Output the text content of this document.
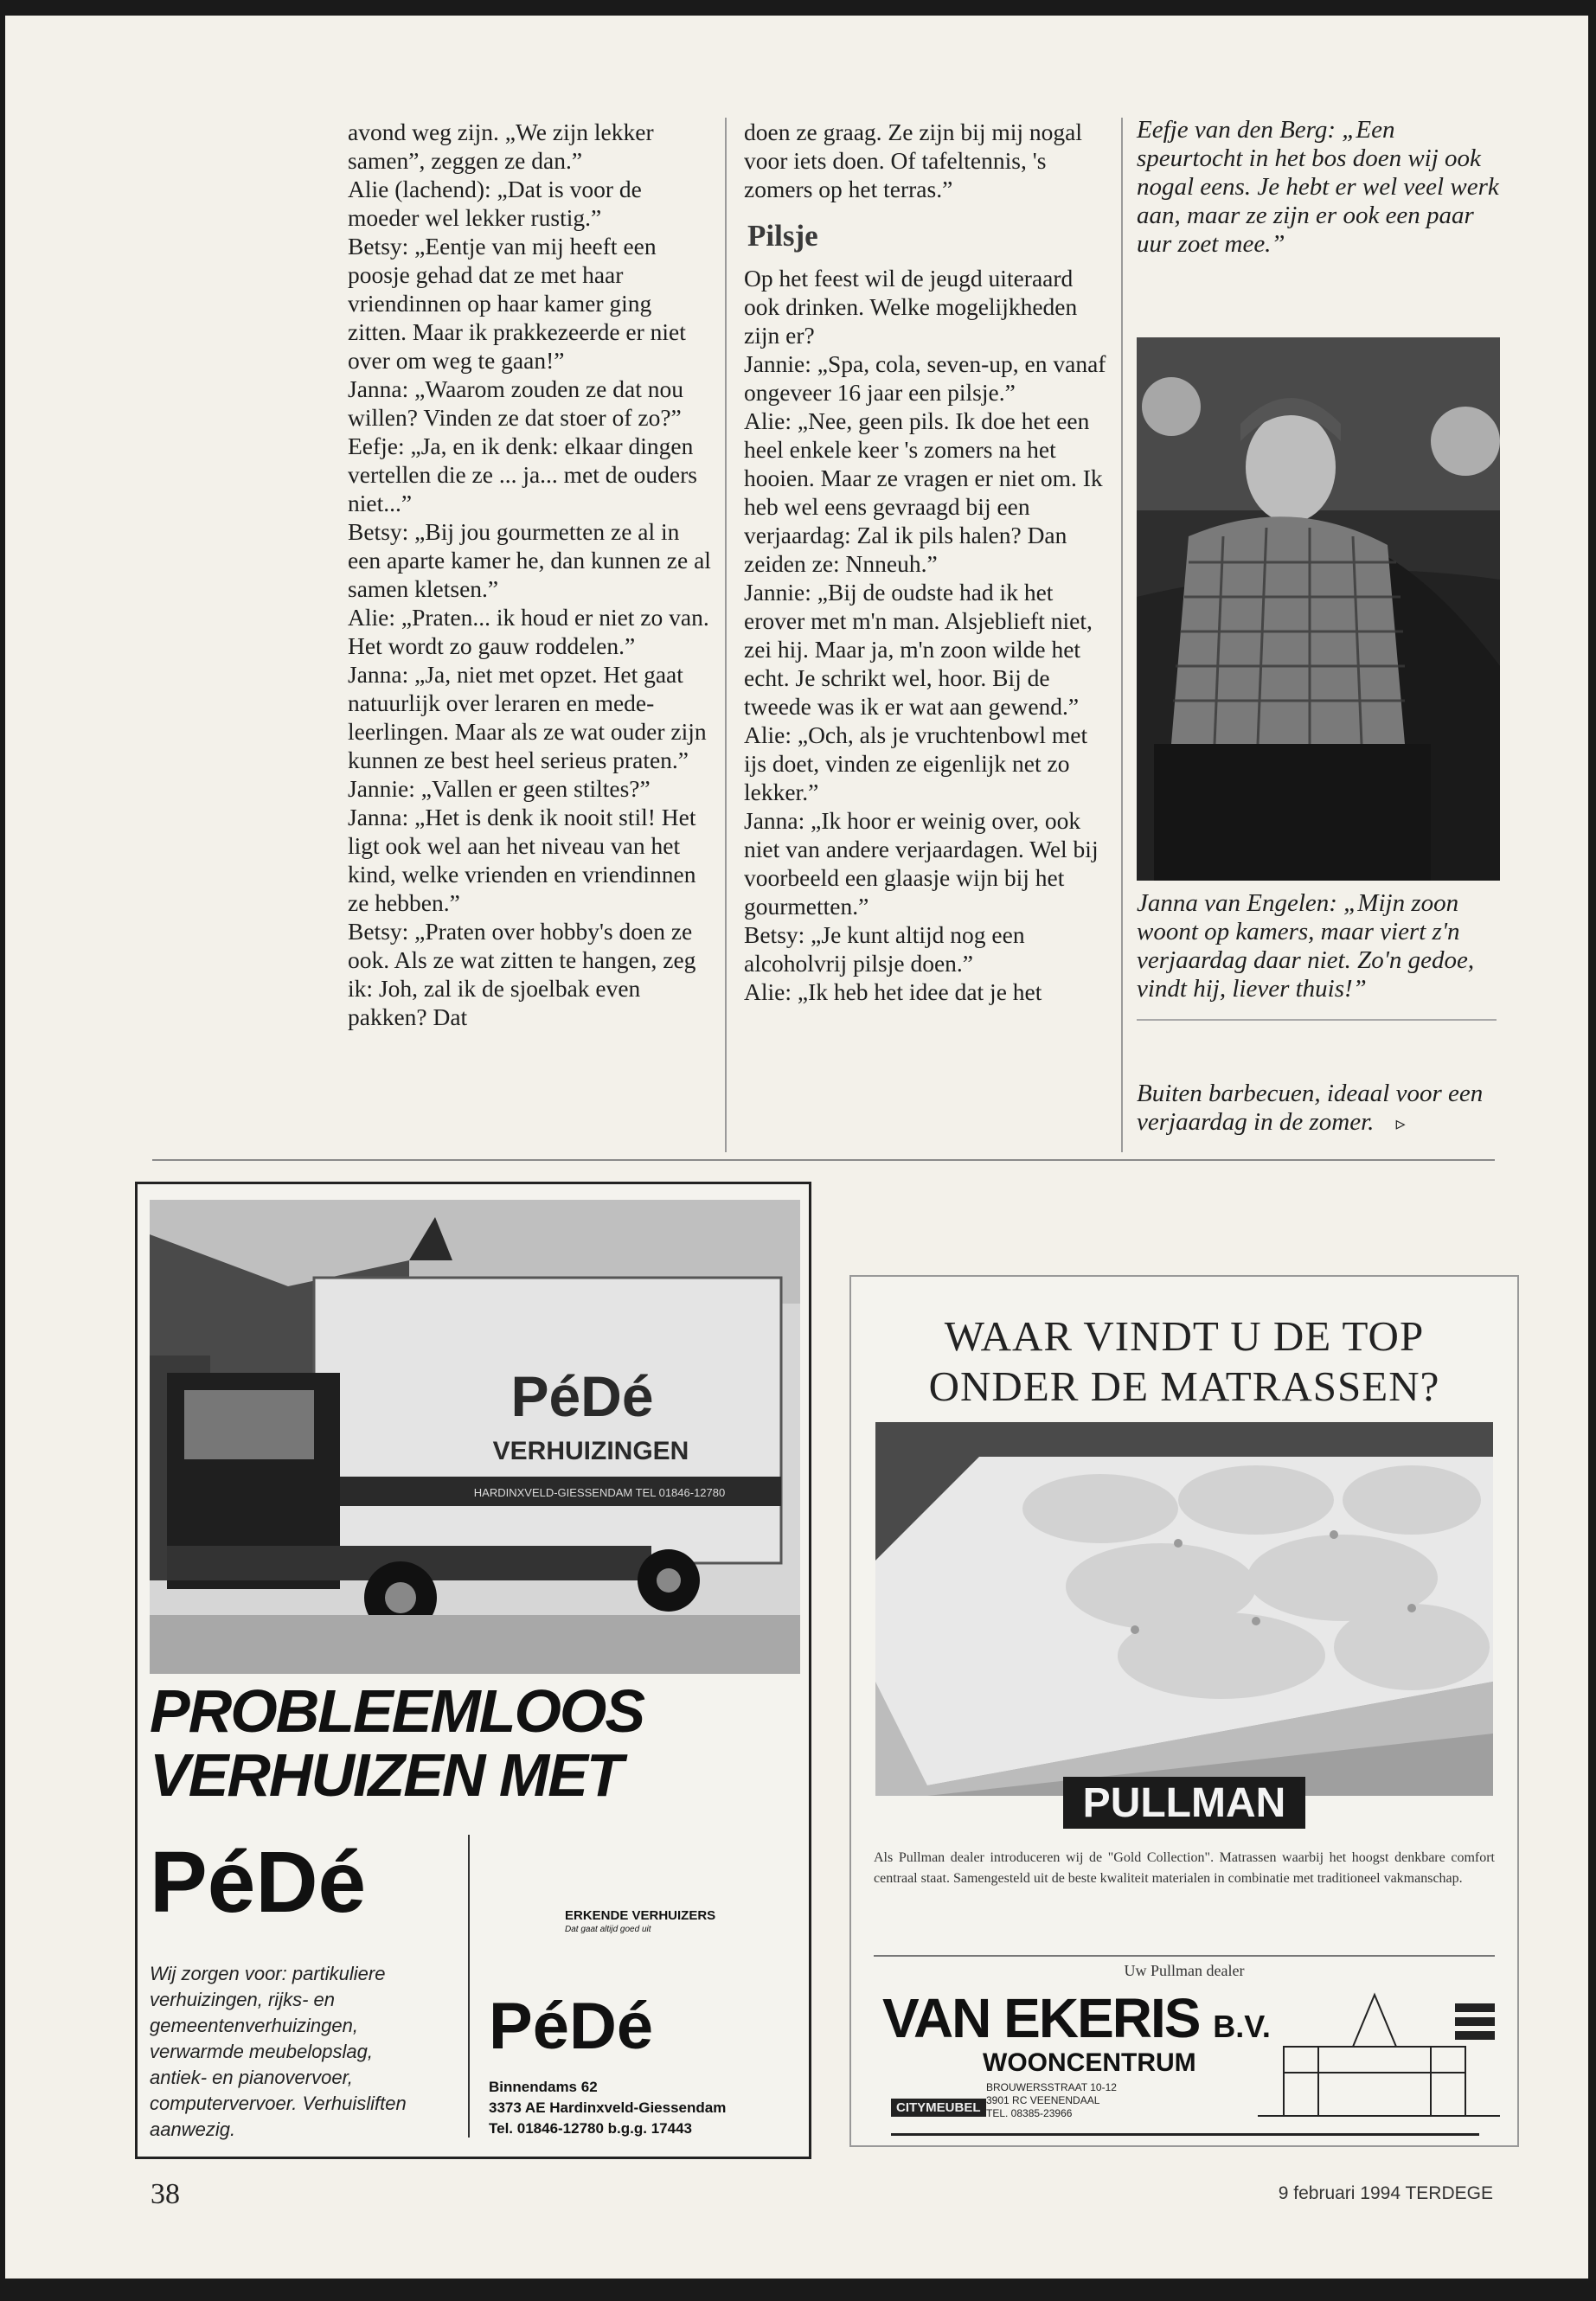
avond weg zijn. „We zijn lekker samen”, zeggen ze dan.”

Alie (lachend): „Dat is voor de moeder wel lekker rustig.”

Betsy: „Eentje van mij heeft een poosje gehad dat ze met haar vriendinnen op haar kamer ging zitten. Maar ik prakkezeerde er niet over om weg te gaan!”

Janna: „Waarom zouden ze dat nou willen? Vinden ze dat stoer of zo?”

Eefje: „Ja, en ik denk: elkaar dingen vertellen die ze ... ja... met de ouders niet...”

Betsy: „Bij jou gourmetten ze al in een aparte kamer he, dan kunnen ze al samen kletsen.”

Alie: „Praten... ik houd er niet zo van. Het wordt zo gauw roddelen.”

Janna: „Ja, niet met opzet. Het gaat natuurlijk over leraren en mede-leerlingen. Maar als ze wat ouder zijn kunnen ze best heel serieus praten.”

Jannie: „Vallen er geen stiltes?”

Janna: „Het is denk ik nooit stil! Het ligt ook wel aan het niveau van het kind, welke vrienden en vriendinnen ze hebben.”

Betsy: „Praten over hobby's doen ze ook. Als ze wat zitten te hangen, zeg ik: Joh, zal ik de sjoelbak even pakken? Dat

doen ze graag. Ze zijn bij mij nogal voor iets doen. Of tafeltennis, 's zomers op het terras.”

Pilsje

Op het feest wil de jeugd uiteraard ook drinken. Welke mogelijkheden zijn er?

Jannie: „Spa, cola, seven-up, en vanaf ongeveer 16 jaar een pilsje.”

Alie: „Nee, geen pils. Ik doe het een heel enkele keer 's zomers na het hooien. Maar ze vragen er niet om. Ik heb wel eens gevraagd bij een verjaardag: Zal ik pils halen? Dan zeiden ze: Nnneuh.”

Jannie: „Bij de oudste had ik het erover met m'n man. Alsjeblieft niet, zei hij. Maar ja, m'n zoon wilde het echt. Je schrikt wel, hoor. Bij de tweede was ik er wat aan gewend.”

Alie: „Och, als je vruchtenbowl met ijs doet, vinden ze eigenlijk net zo lekker.”

Janna: „Ik hoor er weinig over, ook niet van andere verjaardagen. Wel bij voorbeeld een glaasje wijn bij het gourmetten.”

Betsy: „Je kunt altijd nog een alcoholvrij pilsje doen.”

Alie: „Ik heb het idee dat je het

Eefje van den Berg: „Een speurtocht in het bos doen wij ook nogal eens. Je hebt er wel veel werk aan, maar ze zijn er ook een paar uur zoet mee.”
Janna van Engelen: „Mijn zoon woont op kamers, maar viert z'n verjaardag daar niet. Zo'n gedoe, vindt hij, liever thuis!”
Buiten barbecuen, ideaal voor een verjaardag in de zomer. ▹
PéDé
VERHUIZINGEN
HARDINXVELD-GIESSENDAM TEL 01846-12780
PROBLEEMLOOS
VERHUIZEN MET
PéDé
Wij zorgen voor: partikuliere verhuizingen, rijks- en gemeentenverhuizingen, verwarmde meubelopslag, antiek- en pianovervoer, computervervoer. Verhuisliften aanwezig.
ERKENDE VERHUIZERS
Dat gaat altijd goed uit
PéDé
Binnendams 62
3373 AE Hardinxveld-Giessendam
Tel. 01846-12780 b.g.g. 17443
WAAR VINDT U DE TOP
ONDER DE MATRASSEN?
PULLMAN
Als Pullman dealer introduceren wij de "Gold Collection". Matrassen waarbij het hoogst denkbare comfort centraal staat. Samengesteld uit de beste kwaliteit materialen in combinatie met traditioneel vakmanschap.
Uw Pullman dealer
VAN EKERIS B.V.
WOONCENTRUM
CITYMEUBEL
BROUWERSSTRAAT 10-12
3901 RC VEENENDAAL
TEL. 08385-23966
38	9 februari 1994 TERDEGE
